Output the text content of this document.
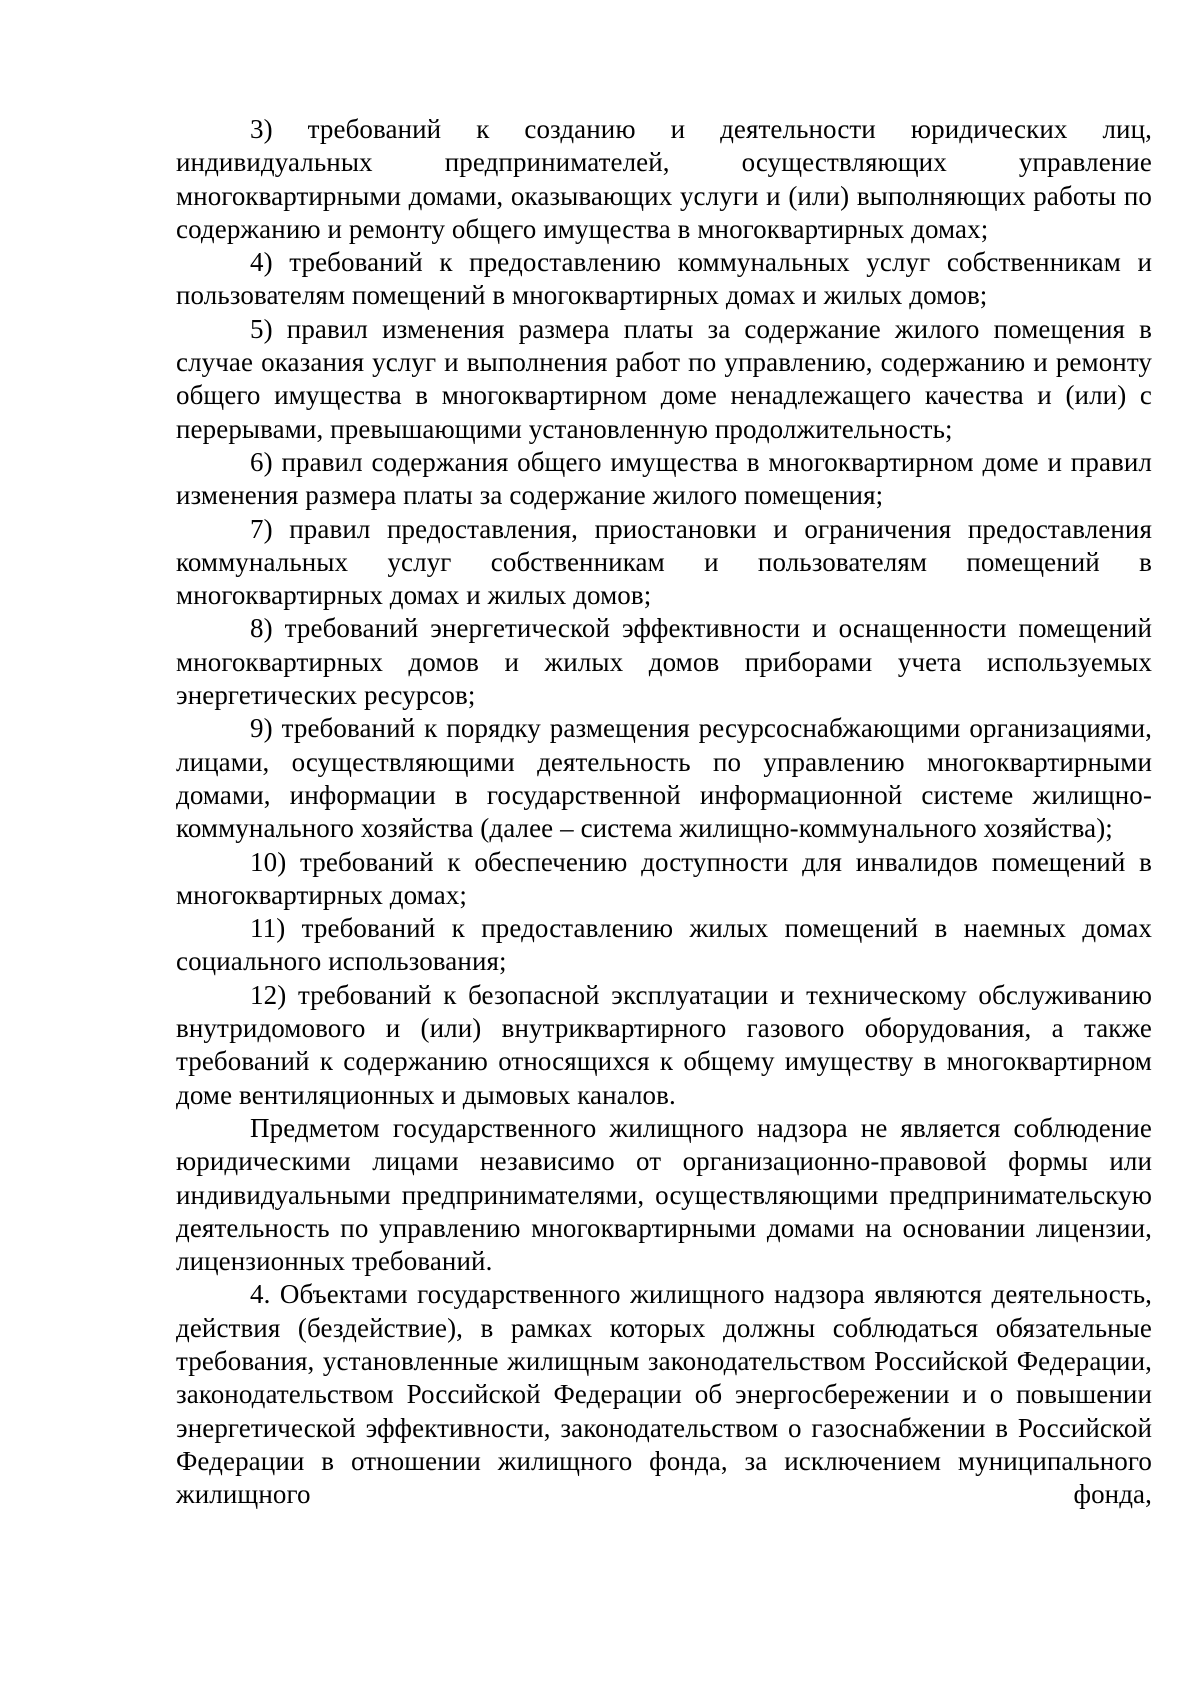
3) требований к созданию и деятельности юридических лиц, индивидуальных предпринимателей, осуществляющих управление многоквартирными домами, оказывающих услуги и (или) выполняющих работы по содержанию и ремонту общего имущества в многоквартирных домах;

4) требований к предоставлению коммунальных услуг собственникам и пользователям помещений в многоквартирных домах и жилых домов;

5) правил изменения размера платы за содержание жилого помещения в случае оказания услуг и выполнения работ по управлению, содержанию и ремонту общего имущества в многоквартирном доме ненадлежащего качества и (или) с перерывами, превышающими установленную продолжительность;

6) правил содержания общего имущества в многоквартирном доме и правил изменения размера платы за содержание жилого помещения;

7) правил предоставления, приостановки и ограничения предоставления коммунальных услуг собственникам и пользователям помещений в многоквартирных домах и жилых домов;

8) требований энергетической эффективности и оснащенности помещений многоквартирных домов и жилых домов приборами учета используемых энергетических ресурсов;

9) требований к порядку размещения ресурсоснабжающими организациями, лицами, осуществляющими деятельность по управлению многоквартирными домами, информации в государственной информационной системе жилищно-коммунального хозяйства (далее – система жилищно-коммунального хозяйства);

10) требований к обеспечению доступности для инвалидов помещений в многоквартирных домах;

11) требований к предоставлению жилых помещений в наемных домах социального использования;

12) требований к безопасной эксплуатации и техническому обслуживанию внутридомового и (или) внутриквартирного газового оборудования, а также требований к содержанию относящихся к общему имуществу в многоквартирном доме вентиляционных и дымовых каналов.

Предметом государственного жилищного надзора не является соблюдение юридическими лицами независимо от организационно-правовой формы или индивидуальными предпринимателями, осуществляющими предпринимательскую деятельность по управлению многоквартирными домами на основании лицензии, лицензионных требований.

4. Объектами государственного жилищного надзора являются деятельность, действия (бездействие), в рамках которых должны соблюдаться обязательные требования, установленные жилищным законодательством Российской Федерации, законодательством Российской Федерации об энергосбережении и о повышении энергетической эффективности, законодательством о газоснабжении в Российской Федерации в отношении жилищного фонда, за исключением муниципального жилищного фонда,
